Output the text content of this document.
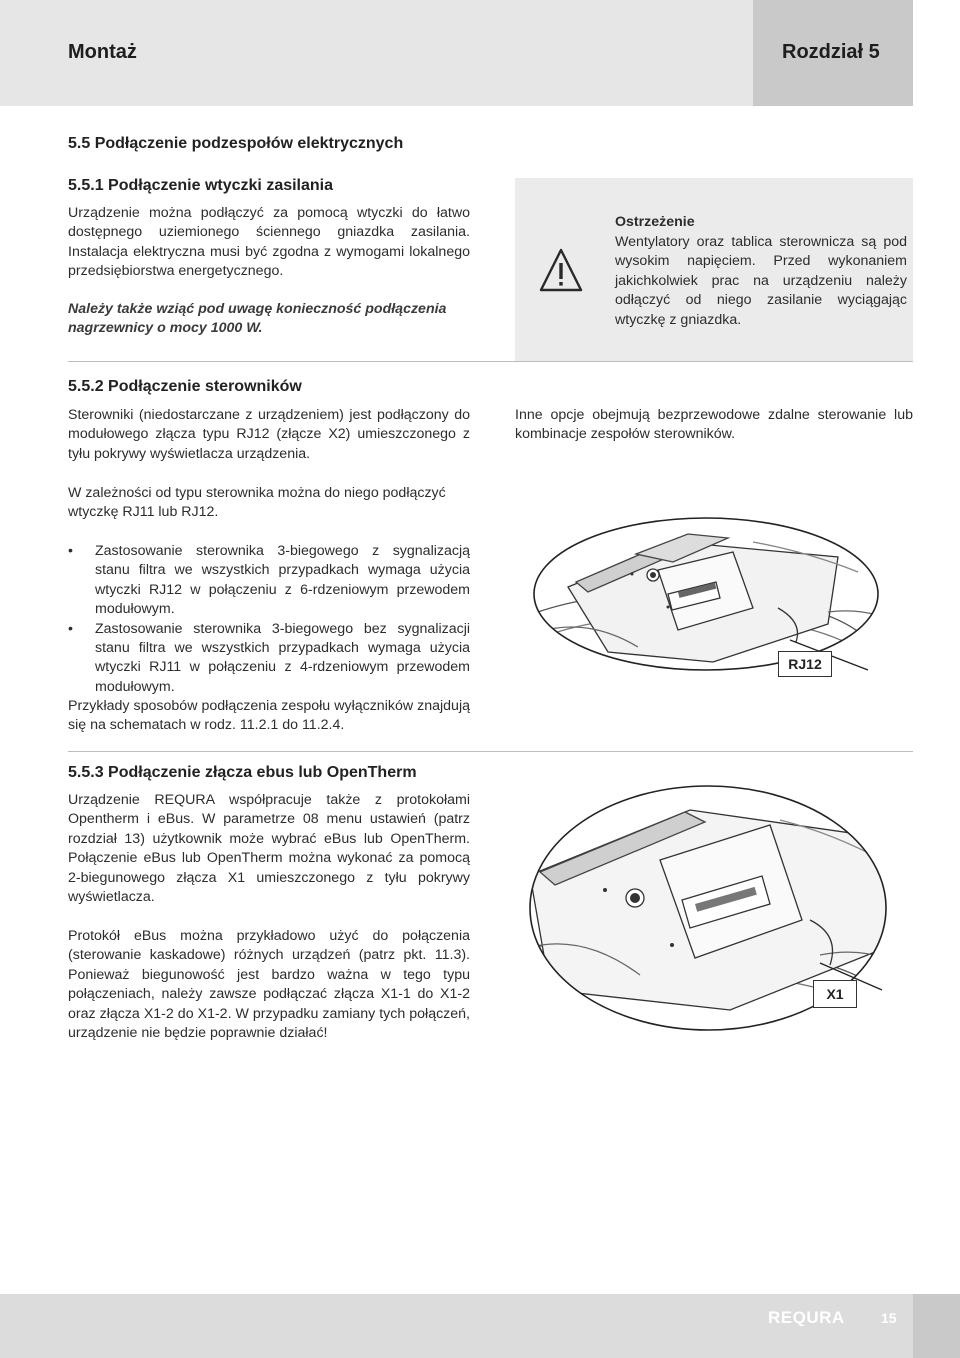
Montaż	Rozdział 5
5.5 Podłączenie podzespołów elektrycznych
5.5.1 Podłączenie wtyczki zasilania
Urządzenie można podłączyć za pomocą wtyczki do łatwo dostępnego uziemionego ściennego gniazdka zasilania. Instalacja elektryczna musi być zgodna z wymogami lokalnego przedsiębiorstwa energetycznego.
Należy także wziąć pod uwagę konieczność podłączenia nagrzewnicy o mocy 1000 W.
Ostrzeżenie
Wentylatory oraz tablica sterownicza są pod wysokim napięciem. Przed wykonaniem jakichkolwiek prac na urządzeniu należy odłączyć od niego zasilanie wyciągając wtyczkę z gniazdka.
5.5.2 Podłączenie sterowników
Sterowniki (niedostarczane z urządzeniem) jest podłączony do modułowego złącza typu RJ12 (złącze X2) umieszczonego z tyłu pokrywy wyświetlacza urządzenia.
W zależności od typu sterownika można do niego podłączyć wtyczkę RJ11 lub RJ12.
• Zastosowanie sterownika 3-biegowego z sygnalizacją stanu filtra we wszystkich przypadkach wymaga użycia wtyczki RJ12 w połączeniu z 6-rdzeniowym przewodem modułowym.
• Zastosowanie sterownika 3-biegowego bez sygnalizacji stanu filtra we wszystkich przypadkach wymaga użycia wtyczki RJ11 w połączeniu z 4-rdzeniowym przewodem modułowym.
Przykłady sposobów podłączenia zespołu wyłączników znajdują się na schematach w rodz. 11.2.1 do 11.2.4.
Inne opcje obejmują bezprzewodowe zdalne sterowanie lub kombinacje zespołów sterowników.
RJ12
5.5.3 Podłączenie złącza ebus lub OpenTherm
Urządzenie REQURA współpracuje także z protokołami Opentherm i eBus. W parametrze 08 menu ustawień (patrz rozdział 13) użytkownik może wybrać eBus lub OpenTherm. Połączenie eBus lub OpenTherm można wykonać za pomocą 2-biegunowego złącza X1 umieszczonego z tyłu pokrywy wyświetlacza.
Protokół eBus można przykładowo użyć do połączenia (sterowanie kaskadowe) różnych urządzeń (patrz pkt. 11.3). Ponieważ biegunowość jest bardzo ważna w tego typu połączeniach, należy zawsze podłączać złącza X1-1 do X1-2 oraz złącza X1-2 do X1-2. W przypadku zamiany tych połączeń, urządzenie nie będzie poprawnie działać!
X1
REQURA	15
